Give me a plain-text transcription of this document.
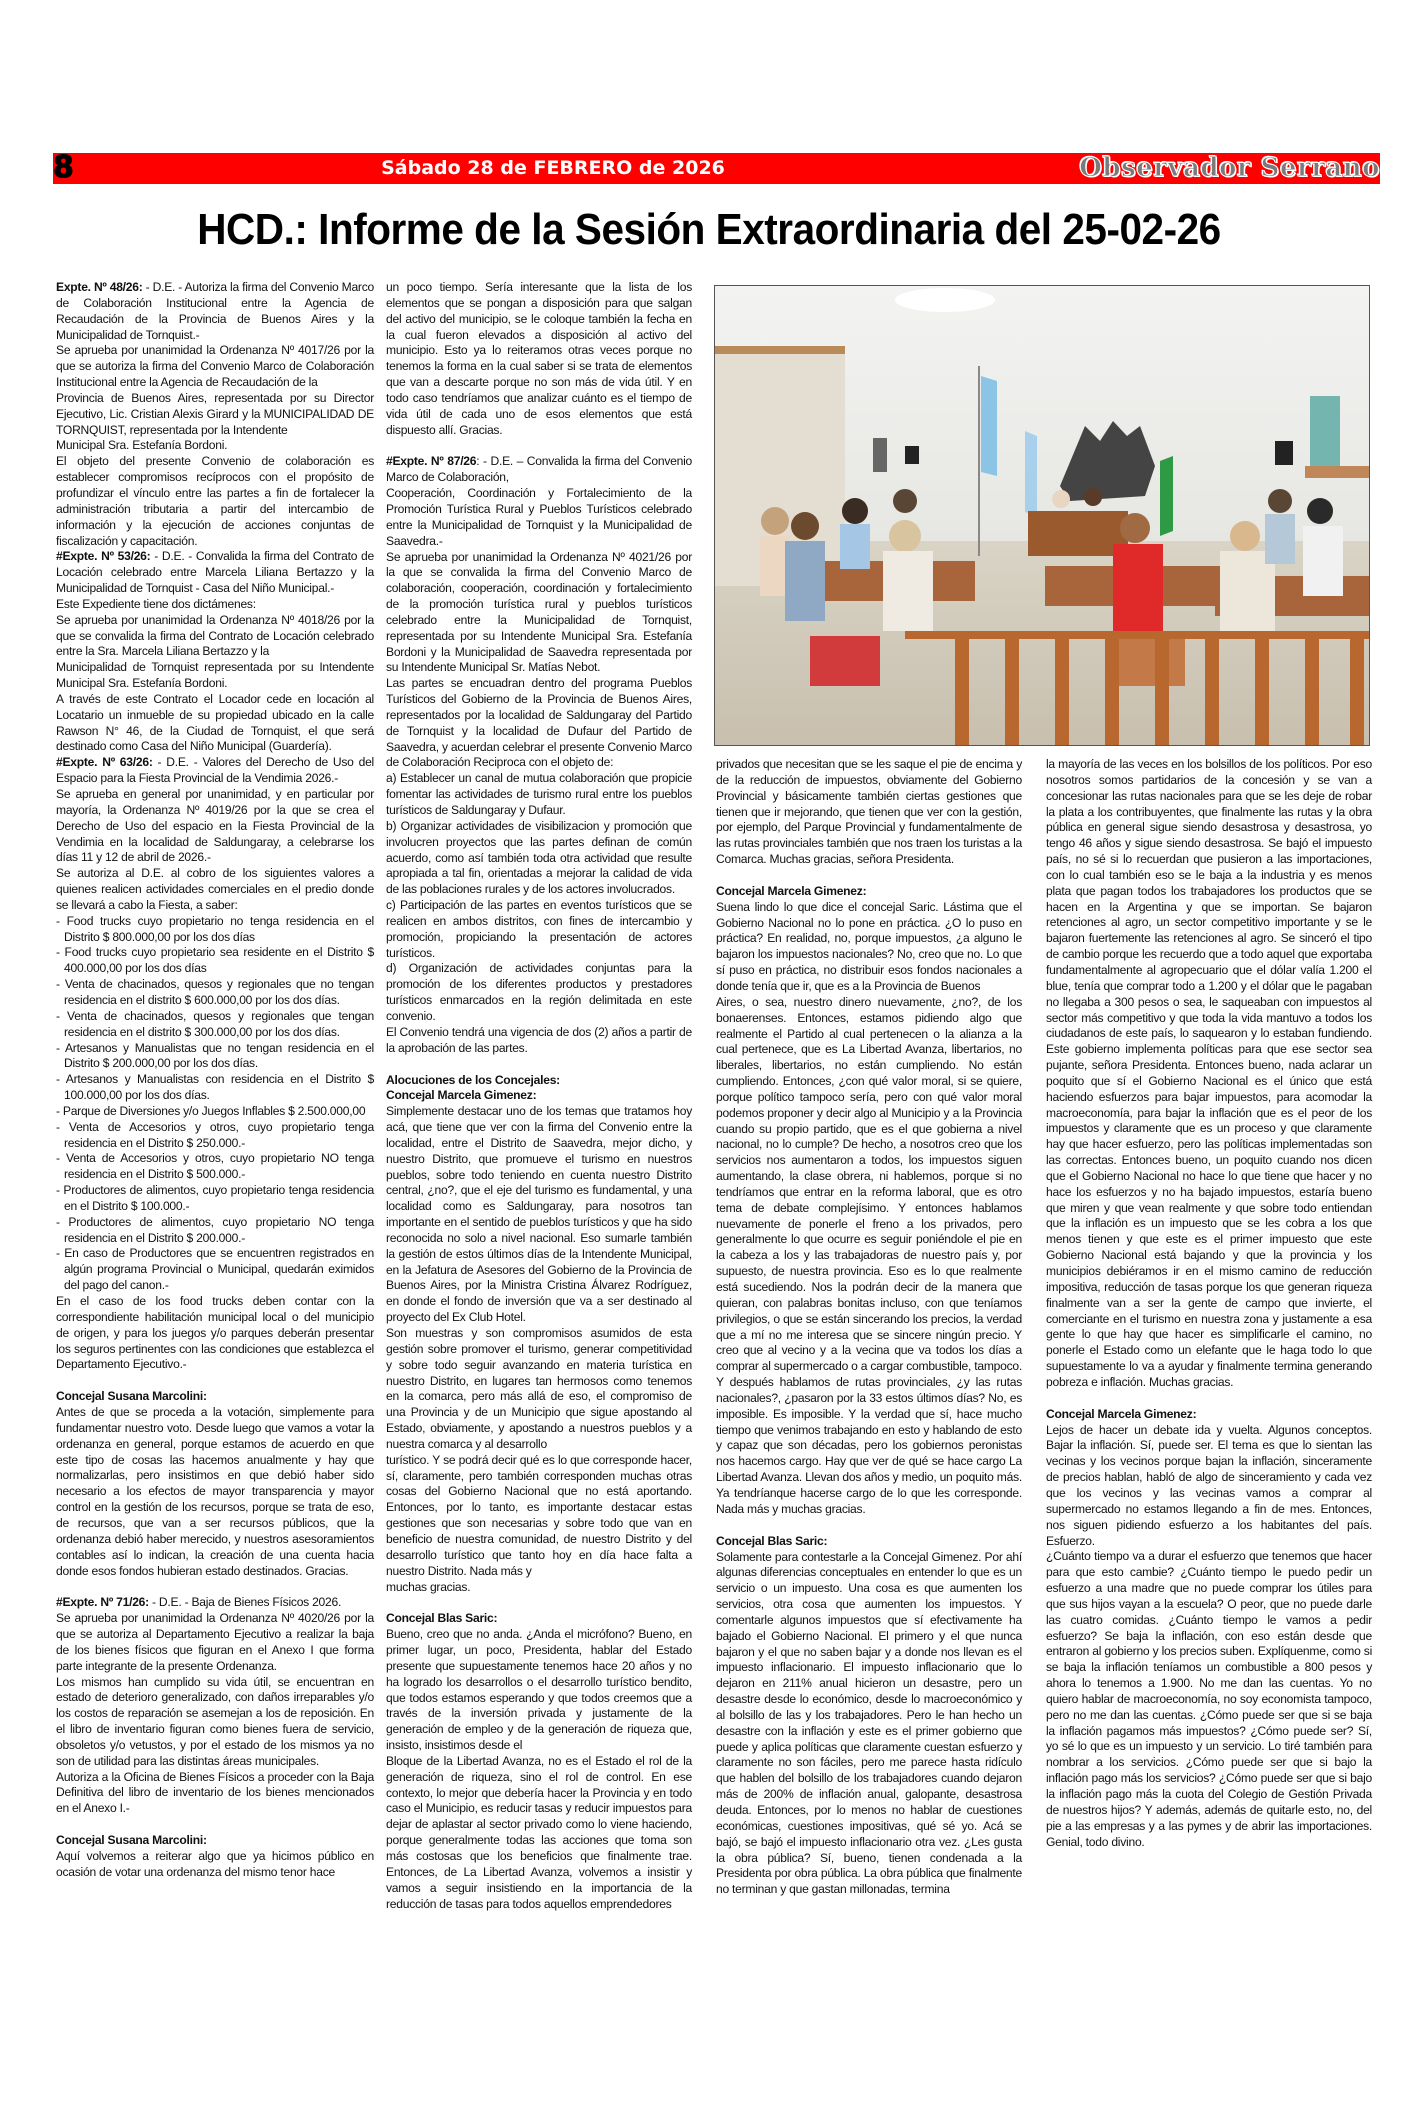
8	Sábado 28 de FEBRERO de 2026	Observador Serrano
HCD.: Informe de la Sesión Extraordinaria del 25-02-26

Expte. Nº 48/26: - D.E. - Autoriza la firma del Convenio Marco de Colaboración Institucional entre la Agencia de Recaudación de la Provincia de Buenos Aires y la Municipalidad de Tornquist.-

Se aprueba por unanimidad la Ordenanza Nº 4017/26 por la que se autoriza la firma del Convenio Marco de Colaboración Institucional entre la Agencia de Recaudación de la

Provincia de Buenos Aires, representada por su Director Ejecutivo, Lic. Cristian Alexis Girard y la MUNICIPALIDAD DE TORNQUIST, representada por la Intendente

Municipal Sra. Estefanía Bordoni.

El objeto del presente Convenio de colaboración es establecer compromisos recíprocos con el propósito de profundizar el vínculo entre las partes a fin de fortalecer la administración tributaria a partir del intercambio de información y la ejecución de acciones conjuntas de fiscalización y capacitación.

#Expte. Nº 53/26: - D.E. - Convalida la firma del Contrato de Locación celebrado entre Marcela Liliana Bertazzo y la Municipalidad de Tornquist - Casa del Niño Municipal.-

Este Expediente tiene dos dictámenes:

Se aprueba por unanimidad la Ordenanza Nº 4018/26 por la que se convalida la firma del Contrato de Locación celebrado entre la Sra. Marcela Liliana Bertazzo y la

Municipalidad de Tornquist representada por su Intendente Municipal Sra. Estefanía Bordoni.

A través de este Contrato el Locador cede en locación al Locatario un inmueble de su propiedad ubicado en la calle Rawson N° 46, de la Ciudad de Tornquist, el que será destinado como Casa del Niño Municipal (Guardería).

#Expte. Nº 63/26: - D.E. - Valores del Derecho de Uso del Espacio para la Fiesta Provincial de la Vendimia 2026.-

Se aprueba en general por unanimidad, y en particular por mayoría, la Ordenanza Nº 4019/26 por la que se crea el Derecho de Uso del espacio en la Fiesta Provincial de la Vendimia en la localidad de Saldungaray, a celebrarse los días 11 y 12 de abril de 2026.-

Se autoriza al D.E. al cobro de los siguientes valores a quienes realicen actividades comerciales en el predio donde se llevará a cabo la Fiesta, a saber:

- Food trucks cuyo propietario no tenga residencia en el Distrito $ 800.000,00 por los dos días
- Food trucks cuyo propietario sea residente en el Distrito $ 400.000,00 por los dos días
- Venta de chacinados, quesos y regionales que no tengan residencia en el distrito $ 600.000,00 por los dos días.
- Venta de chacinados, quesos y regionales que tengan residencia en el distrito $ 300.000,00 por los dos días.
- Artesanos y Manualistas que no tengan residencia en el Distrito $ 200.000,00 por los dos días.
- Artesanos y Manualistas con residencia en el Distrito $ 100.000,00 por los dos días.
- Parque de Diversiones y/o Juegos Inflables $ 2.500.000,00
- Venta de Accesorios y otros, cuyo propietario tenga residencia en el Distrito $ 250.000.-
- Venta de Accesorios y otros, cuyo propietario NO tenga residencia en el Distrito $ 500.000.-
- Productores de alimentos, cuyo propietario tenga residencia en el Distrito $ 100.000.-
- Productores de alimentos, cuyo propietario NO tenga residencia en el Distrito $ 200.000.-
- En caso de Productores que se encuentren registrados en algún programa Provincial o Municipal, quedarán eximidos del pago del canon.-

En el caso de los food trucks deben contar con la correspondiente habilitación municipal local o del municipio de origen, y para los juegos y/o parques deberán presentar los seguros pertinentes con las condiciones que establezca el Departamento Ejecutivo.-

Concejal Susana Marcolini:

Antes de que se proceda a la votación, simplemente para fundamentar nuestro voto. Desde luego que vamos a votar la ordenanza en general, porque estamos de acuerdo en que este tipo de cosas las hacemos anualmente y hay que normalizarlas, pero insistimos en que debió haber sido necesario a los efectos de mayor transparencia y mayor control en la gestión de los recursos, porque se trata de eso, de recursos, que van a ser recursos públicos, que la ordenanza debió haber merecido, y nuestros asesoramientos contables así lo indican, la creación de una cuenta hacia donde esos fondos hubieran estado destinados. Gracias.

#Expte. Nº 71/26: - D.E. - Baja de Bienes Físicos 2026.

Se aprueba por unanimidad la Ordenanza Nº 4020/26 por la que se autoriza al Departamento Ejecutivo a realizar la baja de los bienes físicos que figuran en el Anexo I que forma parte integrante de la presente Ordenanza.

Los mismos han cumplido su vida útil, se encuentran en estado de deterioro generalizado, con daños irreparables y/o los costos de reparación se asemejan a los de reposición. En el libro de inventario figuran como bienes fuera de servicio, obsoletos y/o vetustos, y por el estado de los mismos ya no son de utilidad para las distintas áreas municipales.

Autoriza a la Oficina de Bienes Físicos a proceder con la Baja Definitiva del libro de inventario de los bienes mencionados en el Anexo I.-

Concejal Susana Marcolini:

Aquí volvemos a reiterar algo que ya hicimos público en ocasión de votar una ordenanza del mismo tenor hace

un poco tiempo. Sería interesante que la lista de los elementos que se pongan a disposición para que salgan del activo del municipio, se le coloque también la fecha en la cual fueron elevados a disposición al activo del municipio. Esto ya lo reiteramos otras veces porque no tenemos la forma en la cual saber si se trata de elementos que van a descarte porque no son más de vida útil. Y en todo caso tendríamos que analizar cuánto es el tiempo de vida útil de cada uno de esos elementos que está dispuesto allí. Gracias.

#Expte. Nº 87/26: - D.E. – Convalida la firma del Convenio Marco de Colaboración,

Cooperación, Coordinación y Fortalecimiento de la Promoción Turística Rural y Pueblos Turísticos celebrado entre la Municipalidad de Tornquist y la Municipalidad de Saavedra.-

Se aprueba por unanimidad la Ordenanza Nº 4021/26 por la que se convalida la firma del Convenio Marco de colaboración, cooperación, coordinación y fortalecimiento de la promoción turística rural y pueblos turísticos celebrado entre la Municipalidad de Tornquist, representada por su Intendente Municipal Sra. Estefanía Bordoni y la Municipalidad de Saavedra representada por su Intendente Municipal Sr. Matías Nebot.

Las partes se encuadran dentro del programa Pueblos Turísticos del Gobierno de la Provincia de Buenos Aires, representados por la localidad de Saldungaray del Partido de Tornquist y la localidad de Dufaur del Partido de Saavedra, y acuerdan celebrar el presente Convenio Marco de Colaboración Reciproca con el objeto de:

a) Establecer un canal de mutua colaboración que propicie fomentar las actividades de turismo rural entre los pueblos turísticos de Saldungaray y Dufaur.

b) Organizar actividades de visibilizacion y promoción que involucren proyectos que las partes definan de común acuerdo, como así también toda otra actividad que resulte apropiada a tal fin, orientadas a mejorar la calidad de vida de las poblaciones rurales y de los actores involucrados.

c) Participación de las partes en eventos turísticos que se realicen en ambos distritos, con fines de intercambio y promoción, propiciando la presentación de actores turísticos.

d) Organización de actividades conjuntas para la promoción de los diferentes productos y prestadores turísticos enmarcados en la región delimitada en este convenio.

El Convenio tendrá una vigencia de dos (2) años a partir de la aprobación de las partes.

Alocuciones de los Concejales:

Concejal Marcela Gimenez:

Simplemente destacar uno de los temas que tratamos hoy acá, que tiene que ver con la firma del Convenio entre la localidad, entre el Distrito de Saavedra, mejor dicho, y nuestro Distrito, que promueve el turismo en nuestros pueblos, sobre todo teniendo en cuenta nuestro Distrito central, ¿no?, que el eje del turismo es fundamental, y una localidad como es Saldungaray, para nosotros tan importante en el sentido de pueblos turísticos y que ha sido reconocida no solo a nivel nacional. Eso sumarle también la gestión de estos últimos días de la Intendente Municipal, en la Jefatura de Asesores del Gobierno de la Provincia de Buenos Aires, por la Ministra Cristina Álvarez Rodríguez, en donde el fondo de inversión que va a ser destinado al proyecto del Ex Club Hotel.

Son muestras y son compromisos asumidos de esta gestión sobre promover el turismo, generar competitividad y sobre todo seguir avanzando en materia turística en nuestro Distrito, en lugares tan hermosos como tenemos en la comarca, pero más allá de eso, el compromiso de una Provincia y de un Municipio que sigue apostando al Estado, obviamente, y apostando a nuestros pueblos y a nuestra comarca y al desarrollo

turístico. Y se podrá decir qué es lo que corresponde hacer, sí, claramente, pero también corresponden muchas otras cosas del Gobierno Nacional que no está aportando. Entonces, por lo tanto, es importante destacar estas gestiones que son necesarias y sobre todo que van en beneficio de nuestra comunidad, de nuestro Distrito y del desarrollo turístico que tanto hoy en día hace falta a nuestro Distrito. Nada más y

muchas gracias.

Concejal Blas Saric:

Bueno, creo que no anda. ¿Anda el micrófono? Bueno, en primer lugar, un poco, Presidenta, hablar del Estado presente que supuestamente tenemos hace 20 años y no ha logrado los desarrollos o el desarrollo turístico bendito, que todos estamos esperando y que todos creemos que a través de la inversión privada y justamente de la generación de empleo y de la generación de riqueza que, insisto, insistimos desde el

Bloque de la Libertad Avanza, no es el Estado el rol de la generación de riqueza, sino el rol de control. En ese contexto, lo mejor que debería hacer la Provincia y en todo caso el Municipio, es reducir tasas y reducir impuestos para dejar de aplastar al sector privado como lo viene haciendo, porque generalmente todas las acciones que toma son más costosas que los beneficios que finalmente trae. Entonces, de La Libertad Avanza, volvemos a insistir y vamos a seguir insistiendo en la importancia de la reducción de tasas para todos aquellos emprendedores

privados que necesitan que se les saque el pie de encima y de la reducción de impuestos, obviamente del Gobierno Provincial y básicamente también ciertas gestiones que tienen que ir mejorando, que tienen que ver con la gestión, por ejemplo, del Parque Provincial y fundamentalmente de las rutas provinciales también que nos traen los turistas a la Comarca. Muchas gracias, señora Presidenta.

Concejal Marcela Gimenez:

Suena lindo lo que dice el concejal Saric. Lástima que el Gobierno Nacional no lo pone en práctica. ¿O lo puso en práctica? En realidad, no, porque impuestos, ¿a alguno le bajaron los impuestos nacionales? No, creo que no. Lo que sí puso en práctica, no distribuir esos fondos nacionales a donde tenía que ir, que es a la Provincia de Buenos

Aires, o sea, nuestro dinero nuevamente, ¿no?, de los bonaerenses. Entonces, estamos pidiendo algo que realmente el Partido al cual pertenecen o la alianza a la cual pertenece, que es La Libertad Avanza, libertarios, no liberales, libertarios, no están cumpliendo. No están cumpliendo. Entonces, ¿con qué valor moral, si se quiere, porque político tampoco sería, pero con qué valor moral podemos proponer y decir algo al Municipio y a la Provincia cuando su propio partido, que es el que gobierna a nivel nacional, no lo cumple? De hecho, a nosotros creo que los servicios nos aumentaron a todos, los impuestos siguen aumentando, la clase obrera, ni hablemos, porque si no tendríamos que entrar en la reforma laboral, que es otro tema de debate complejísimo. Y entonces hablamos nuevamente de ponerle el freno a los privados, pero generalmente lo que ocurre es seguir poniéndole el pie en la cabeza a los y las trabajadoras de nuestro país y, por supuesto, de nuestra provincia. Eso es lo que realmente está sucediendo. Nos la podrán decir de la manera que quieran, con palabras bonitas incluso, con que teníamos privilegios, o que se están sincerando los precios, la verdad que a mí no me interesa que se sincere ningún precio. Y creo que al vecino y a la vecina que va todos los días a comprar al supermercado o a cargar combustible, tampoco. Y después hablamos de rutas provinciales, ¿y las rutas nacionales?, ¿pasaron por la 33 estos últimos días? No, es imposible. Es imposible. Y la verdad que sí, hace mucho tiempo que venimos trabajando en esto y hablando de esto y capaz que son décadas, pero los gobiernos peronistas nos hacemos cargo. Hay que ver de qué se hace cargo La Libertad Avanza. Llevan dos años y medio, un poquito más. Ya tendríanque hacerse cargo de lo que les corresponde. Nada más y muchas gracias.

Concejal Blas Saric:

Solamente para contestarle a la Concejal Gimenez. Por ahí algunas diferencias conceptuales en entender lo que es un servicio o un impuesto. Una cosa es que aumenten los servicios, otra cosa que aumenten los impuestos. Y comentarle algunos impuestos que sí efectivamente ha bajado el Gobierno Nacional. El primero y el que nunca bajaron y el que no saben bajar y a donde nos llevan es el impuesto inflacionario. El impuesto inflacionario que lo dejaron en 211% anual hicieron un desastre, pero un desastre desde lo económico, desde lo macroeconómico y al bolsillo de las y los trabajadores. Pero le han hecho un desastre con la inflación y este es el primer gobierno que puede y aplica políticas que claramente cuestan esfuerzo y claramente no son fáciles, pero me parece hasta ridículo que hablen del bolsillo de los trabajadores cuando dejaron más de 200% de inflación anual, galopante, desastrosa deuda. Entonces, por lo menos no hablar de cuestiones económicas, cuestiones impositivas, qué sé yo. Acá se bajó, se bajó el impuesto inflacionario otra vez. ¿Les gusta la obra pública? Sí, bueno, tienen condenada a la Presidenta por obra pública. La obra pública que finalmente no terminan y que gastan millonadas, termina

la mayoría de las veces en los bolsillos de los políticos. Por eso nosotros somos partidarios de la concesión y se van a concesionar las rutas nacionales para que se les deje de robar la plata a los contribuyentes, que finalmente las rutas y la obra pública en general sigue siendo desastrosa y desastrosa, yo tengo 46 años y sigue siendo desastrosa. Se bajó el impuesto país, no sé si lo recuerdan que pusieron a las importaciones, con lo cual también eso se le baja a la industria y es menos plata que pagan todos los trabajadores los productos que se hacen en la Argentina y que se importan. Se bajaron retenciones al agro, un sector competitivo importante y se le bajaron fuertemente las retenciones al agro. Se sinceró el tipo de cambio porque les recuerdo que a todo aquel que exportaba fundamentalmente al agropecuario que el dólar valía 1.200 el blue, tenía que comprar todo a 1.200 y el dólar que le pagaban no llegaba a 300 pesos o sea, le saqueaban con impuestos al sector más competitivo y que toda la vida mantuvo a todos los ciudadanos de este país, lo saquearon y lo estaban fundiendo. Este gobierno implementa políticas para que ese sector sea pujante, señora Presidenta. Entonces bueno, nada aclarar un poquito que sí el Gobierno Nacional es el único que está haciendo esfuerzos para bajar impuestos, para acomodar la macroeconomía, para bajar la inflación que es el peor de los impuestos y claramente que es un proceso y que claramente hay que hacer esfuerzo, pero las políticas implementadas son las correctas. Entonces bueno, un poquito cuando nos dicen que el Gobierno Nacional no hace lo que tiene que hacer y no hace los esfuerzos y no ha bajado impuestos, estaría bueno que miren y que vean realmente y que sobre todo entiendan que la inflación es un impuesto que se les cobra a los que menos tienen y que este es el primer impuesto que este Gobierno Nacional está bajando y que la provincia y los municipios debiéramos ir en el mismo camino de reducción impositiva, reducción de tasas porque los que generan riqueza finalmente van a ser la gente de campo que invierte, el comerciante en el turismo en nuestra zona y justamente a esa gente lo que hay que hacer es simplificarle el camino, no ponerle el Estado como un elefante que le haga todo lo que supuestamente lo va a ayudar y finalmente termina generando pobreza e inflación. Muchas gracias.

Concejal Marcela Gimenez:

Lejos de hacer un debate ida y vuelta. Algunos conceptos. Bajar la inflación. Sí, puede ser. El tema es que lo sientan las vecinas y los vecinos porque bajan la inflación, sinceramente de precios hablan, habló de algo de sinceramiento y cada vez que los vecinos y las vecinas vamos a comprar al supermercado no estamos llegando a fin de mes. Entonces, nos siguen pidiendo esfuerzo a los habitantes del país. Esfuerzo.

¿Cuánto tiempo va a durar el esfuerzo que tenemos que hacer para que esto cambie? ¿Cuánto tiempo le puedo pedir un esfuerzo a una madre que no puede comprar los útiles para que sus hijos vayan a la escuela? O peor, que no puede darle las cuatro comidas. ¿Cuánto tiempo le vamos a pedir esfuerzo? Se baja la inflación, con eso están desde que entraron al gobierno y los precios suben. Explíquenme, como si se baja la inflación teníamos un combustible a 800 pesos y ahora lo tenemos a 1.900. No me dan las cuentas. Yo no quiero hablar de macroeconomía, no soy economista tampoco, pero no me dan las cuentas. ¿Cómo puede ser que si se baja la inflación pagamos más impuestos? ¿Cómo puede ser? Sí, yo sé lo que es un impuesto y un servicio. Lo tiré también para nombrar a los servicios. ¿Cómo puede ser que si bajo la inflación pago más los servicios? ¿Cómo puede ser que si bajo la inflación pago más la cuota del Colegio de Gestión Privada de nuestros hijos? Y además, además de quitarle esto, no, del pie a las empresas y a las pymes y de abrir las importaciones. Genial, todo divino.
